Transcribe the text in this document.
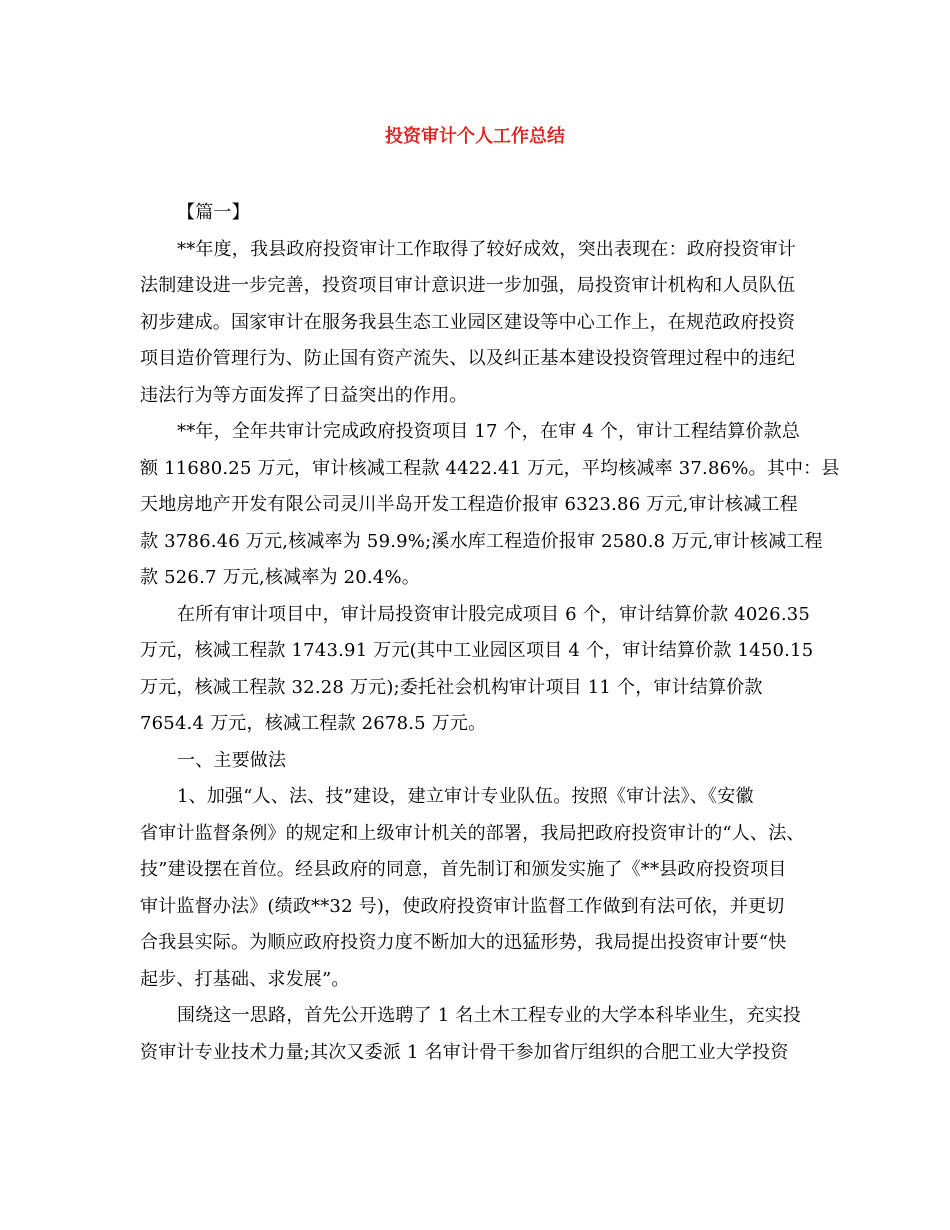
投资审计个人工作总结
【篇一】
**年度，我县政府投资审计工作取得了较好成效，突出表现在：政府投资审计
法制建设进一步完善，投资项目审计意识进一步加强，局投资审计机构和人员队伍
初步建成。国家审计在服务我县生态工业园区建设等中心工作上，在规范政府投资
项目造价管理行为、防止国有资产流失、以及纠正基本建设投资管理过程中的违纪
违法行为等方面发挥了日益突出的作用。
**年，全年共审计完成政府投资项目 17 个，在审 4 个，审计工程结算价款总
额 11680.25 万元，审计核减工程款 4422.41 万元，平均核减率 37.86%。其中：县
天地房地产开发有限公司灵川半岛开发工程造价报审 6323.86 万元,审计核减工程
款 3786.46 万元,核减率为 59.9%;溪水库工程造价报审 2580.8 万元,审计核减工程
款 526.7 万元,核减率为 20.4%。
在所有审计项目中，审计局投资审计股完成项目 6 个，审计结算价款 4026.35
万元，核减工程款 1743.91 万元(其中工业园区项目 4 个，审计结算价款 1450.15
万元，核减工程款 32.28 万元);委托社会机构审计项目 11 个，审计结算价款
7654.4 万元，核减工程款 2678.5 万元。
一、主要做法
1、加强“人、法、技”建设，建立审计专业队伍。按照《审计法》、《安徽
省审计监督条例》的规定和上级审计机关的部署，我局把政府投资审计的“人、法、
技”建设摆在首位。经县政府的同意，首先制订和颁发实施了《**县政府投资项目
审计监督办法》(绩政**32 号)，使政府投资审计监督工作做到有法可依，并更切
合我县实际。为顺应政府投资力度不断加大的迅猛形势，我局提出投资审计要“快
起步、打基础、求发展”。
围绕这一思路，首先公开选聘了 1 名土木工程专业的大学本科毕业生，充实投
资审计专业技术力量;其次又委派 1 名审计骨干参加省厅组织的合肥工业大学投资
